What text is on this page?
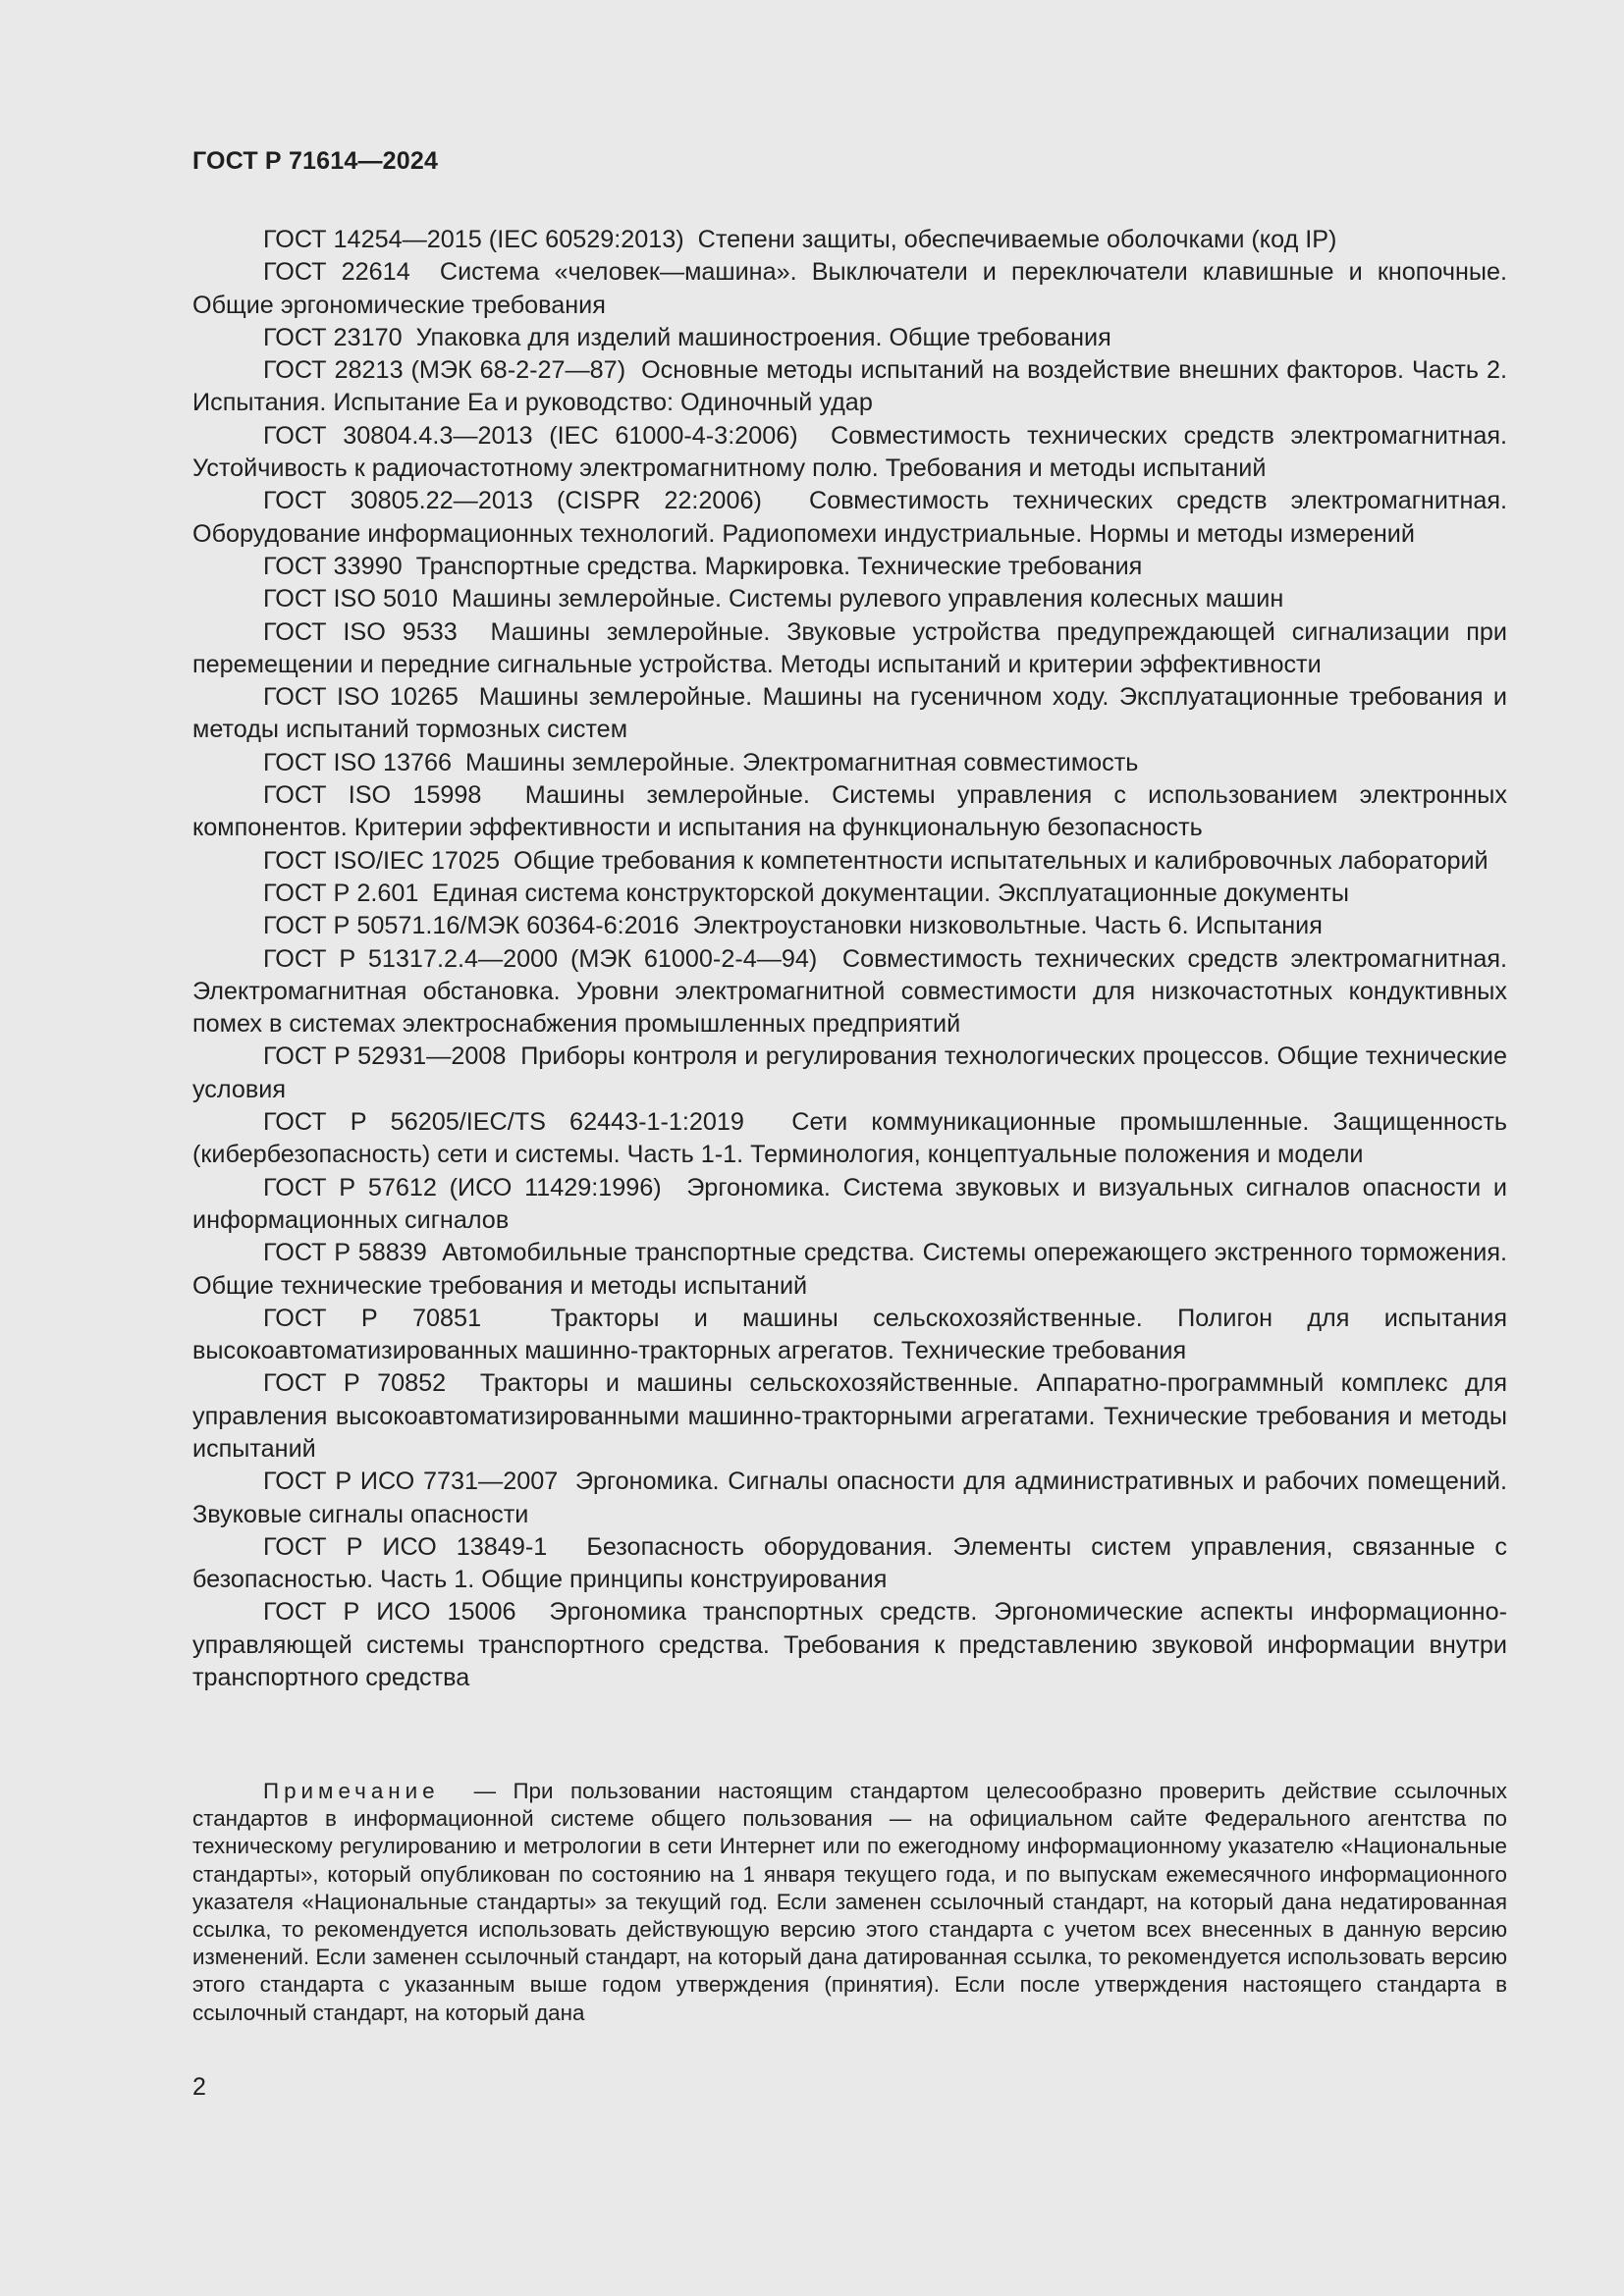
ГОСТ Р 71614—2024

ГОСТ 14254—2015 (IEC 60529:2013) Степени защиты, обеспечиваемые оболочками (код IP)

ГОСТ 22614 Система «человек—машина». Выключатели и переключатели клавишные и кнопочные. Общие эргономические требования

ГОСТ 23170 Упаковка для изделий машиностроения. Общие требования

ГОСТ 28213 (МЭК 68-2-27—87) Основные методы испытаний на воздействие внешних факторов. Часть 2. Испытания. Испытание Еа и руководство: Одиночный удар

ГОСТ 30804.4.3—2013 (IEC 61000-4-3:2006) Совместимость технических средств электромагнитная. Устойчивость к радиочастотному электромагнитному полю. Требования и методы испытаний

ГОСТ 30805.22—2013 (CISPR 22:2006) Совместимость технических средств электромагнитная. Оборудование информационных технологий. Радиопомехи индустриальные. Нормы и методы измерений

ГОСТ 33990 Транспортные средства. Маркировка. Технические требования

ГОСТ ISO 5010 Машины землеройные. Системы рулевого управления колесных машин

ГОСТ ISO 9533 Машины землеройные. Звуковые устройства предупреждающей сигнализации при перемещении и передние сигнальные устройства. Методы испытаний и критерии эффективности

ГОСТ ISO 10265 Машины землеройные. Машины на гусеничном ходу. Эксплуатационные требования и методы испытаний тормозных систем

ГОСТ ISO 13766 Машины землеройные. Электромагнитная совместимость

ГОСТ ISO 15998 Машины землеройные. Системы управления с использованием электронных компонентов. Критерии эффективности и испытания на функциональную безопасность

ГОСТ ISO/IEC 17025 Общие требования к компетентности испытательных и калибровочных лабораторий

ГОСТ Р 2.601 Единая система конструкторской документации. Эксплуатационные документы

ГОСТ Р 50571.16/МЭК 60364-6:2016 Электроустановки низковольтные. Часть 6. Испытания

ГОСТ Р 51317.2.4—2000 (МЭК 61000-2-4—94) Совместимость технических средств электромагнитная. Электромагнитная обстановка. Уровни электромагнитной совместимости для низкочастотных кондуктивных помех в системах электроснабжения промышленных предприятий

ГОСТ Р 52931—2008 Приборы контроля и регулирования технологических процессов. Общие технические условия

ГОСТ Р 56205/IEC/TS 62443-1-1:2019 Сети коммуникационные промышленные. Защищенность (кибербезопасность) сети и системы. Часть 1-1. Терминология, концептуальные положения и модели

ГОСТ Р 57612 (ИСО 11429:1996) Эргономика. Система звуковых и визуальных сигналов опасности и информационных сигналов

ГОСТ Р 58839 Автомобильные транспортные средства. Системы опережающего экстренного торможения. Общие технические требования и методы испытаний

ГОСТ Р 70851	Тракторы и машины сельскохозяйственные. Полигон для испытания высокоавтоматизированных машинно-тракторных агрегатов. Технические требования

ГОСТ Р 70852 Тракторы и машины сельскохозяйственные. Аппаратно-программный комплекс для управления высокоавтоматизированными машинно-тракторными агрегатами. Технические требования и методы испытаний

ГОСТ Р ИСО 7731—2007 Эргономика. Сигналы опасности для административных и рабочих помещений. Звуковые сигналы опасности

ГОСТ Р ИСО 13849-1 Безопасность оборудования. Элементы систем управления, связанные с безопасностью. Часть 1. Общие принципы конструирования

ГОСТ Р ИСО 15006 Эргономика транспортных средств. Эргономические аспекты информационно-управляющей системы транспортного средства. Требования к представлению звуковой информации внутри транспортного средства

Примечание — При пользовании настоящим стандартом целесообразно проверить действие ссылочных стандартов в информационной системе общего пользования — на официальном сайте Федерального агентства по техническому регулированию и метрологии в сети Интернет или по ежегодному информационному указателю «Национальные стандарты», который опубликован по состоянию на 1 января текущего года, и по выпускам ежемесячного информационного указателя «Национальные стандарты» за текущий год. Если заменен ссылочный стандарт, на который дана недатированная ссылка, то рекомендуется использовать действующую версию этого стандарта с учетом всех внесенных в данную версию изменений. Если заменен ссылочный стандарт, на который дана датированная ссылка, то рекомендуется использовать версию этого стандарта с указанным выше годом утверждения (принятия). Если после утверждения настоящего стандарта в ссылочный стандарт, на который дана

2
